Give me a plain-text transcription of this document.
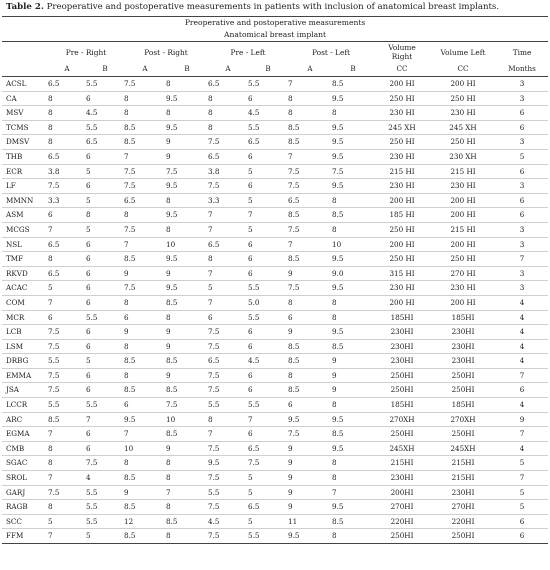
Table 2. Preoperative and postoperative measurements in patients with inclusion of anatomical breast implants.
Preoperative and postoperative measurements											
Anatomical breast implant											
	Pre - Right		Post - Right		Pre - Left		Post - Left		Volume Right	Volume Left	Time
	A	B	A	B	A	B	A	B	CC	CC	Months
ACSL	6.5	5.5	7.5	8	6.5	5.5	7	8.5	200 HI	200 HI	3
CA	8	6	8	9.5	8	6	8	9.5	250 HI	250 HI	3
MSV	8	4.5	8	8	8	4.5	8	8	230 HI	230 HI	6
TCMS	8	5.5	8.5	9.5	8	5.5	8.5	9.5	245 XH	245 XH	6
DMSV	8	6.5	8.5	9	7.5	6.5	8.5	9.5	250 HI	250 HI	3
THB	6.5	6	7	9	6.5	6	7	9.5	230 HI	230 XH	5
ECR	3.8	5	7.5	7.5	3.8	5	7.5	7.5	215 HI	215 HI	6
LF	7.5	6	7.5	9.5	7.5	6	7.5	9.5	230 HI	230 HI	3
MMNN	3.3	5	6.5	8	3.3	5	6.5	8	200 HI	200 HI	6
ASM	6	8	8	9.5	7	7	8.5	8.5	185 HI	200 HI	6
MCGS	7	5	7.5	8	7	5	7.5	8	250 HI	215 HI	3
NSL	6.5	6	7	10	6.5	6	7	10	200 HI	200 HI	3
TMF	8	6	8.5	9.5	8	6	8.5	9.5	250 HI	250 HI	7
RKVD	6.5	6	9	9	7	6	9	9.0	315 HI	270 HI	3
ACAC	5	6	7.5	9.5	5	5.5	7.5	9.5	230 HI	230 HI	3
COM	7	6	8	8.5	7	5.0	8	8	200 HI	200 HI	4
MCR	6	5.5	6	8	6	5.5	6	8	185HI	185HI	4
LCB	7.5	6	9	9	7.5	6	9	9.5	230HI	230HI	4
LSM	7.5	6	8	9	7.5	6	8.5	8.5	230HI	230HI	4
DRBG	5.5	5	8.5	8.5	6.5	4.5	8.5	9	230HI	230HI	4
EMMA	7.5	6	8	9	7.5	6	8	9	250HI	250HI	7
JSA	7.5	6	8.5	8.5	7.5	6	8.5	9	250HI	250HI	6
LCCR	5.5	5.5	6	7.5	5.5	5.5	6	8	185HI	185HI	4
ARC	8.5	7	9.5	10	8	7	9.5	9.5	270XH	270XH	9
EGMA	7	6	7	8.5	7	6	7.5	8.5	250HI	250HI	7
CMB	8	6	10	9	7.5	6.5	9	9.5	245XH	245XH	4
SGAC	8	7.5	8	8	9.5	7.5	9	8	215HI	215HI	5
SROL	7	4	8.5	8	7.5	5	9	8	230HI	215HI	7
GARJ	7.5	5.5	9	7	5.5	5	9	7	200HI	230HI	5
RAGB	8	5.5	8.5	8	7.5	6.5	9	9.5	270HI	270HI	5
SCC	5	5.5	12	8.5	4.5	5	11	8.5	220HI	220HI	6
FFM	7	5	8.5	8	7.5	5.5	9.5	8	250HI	250HI	6
